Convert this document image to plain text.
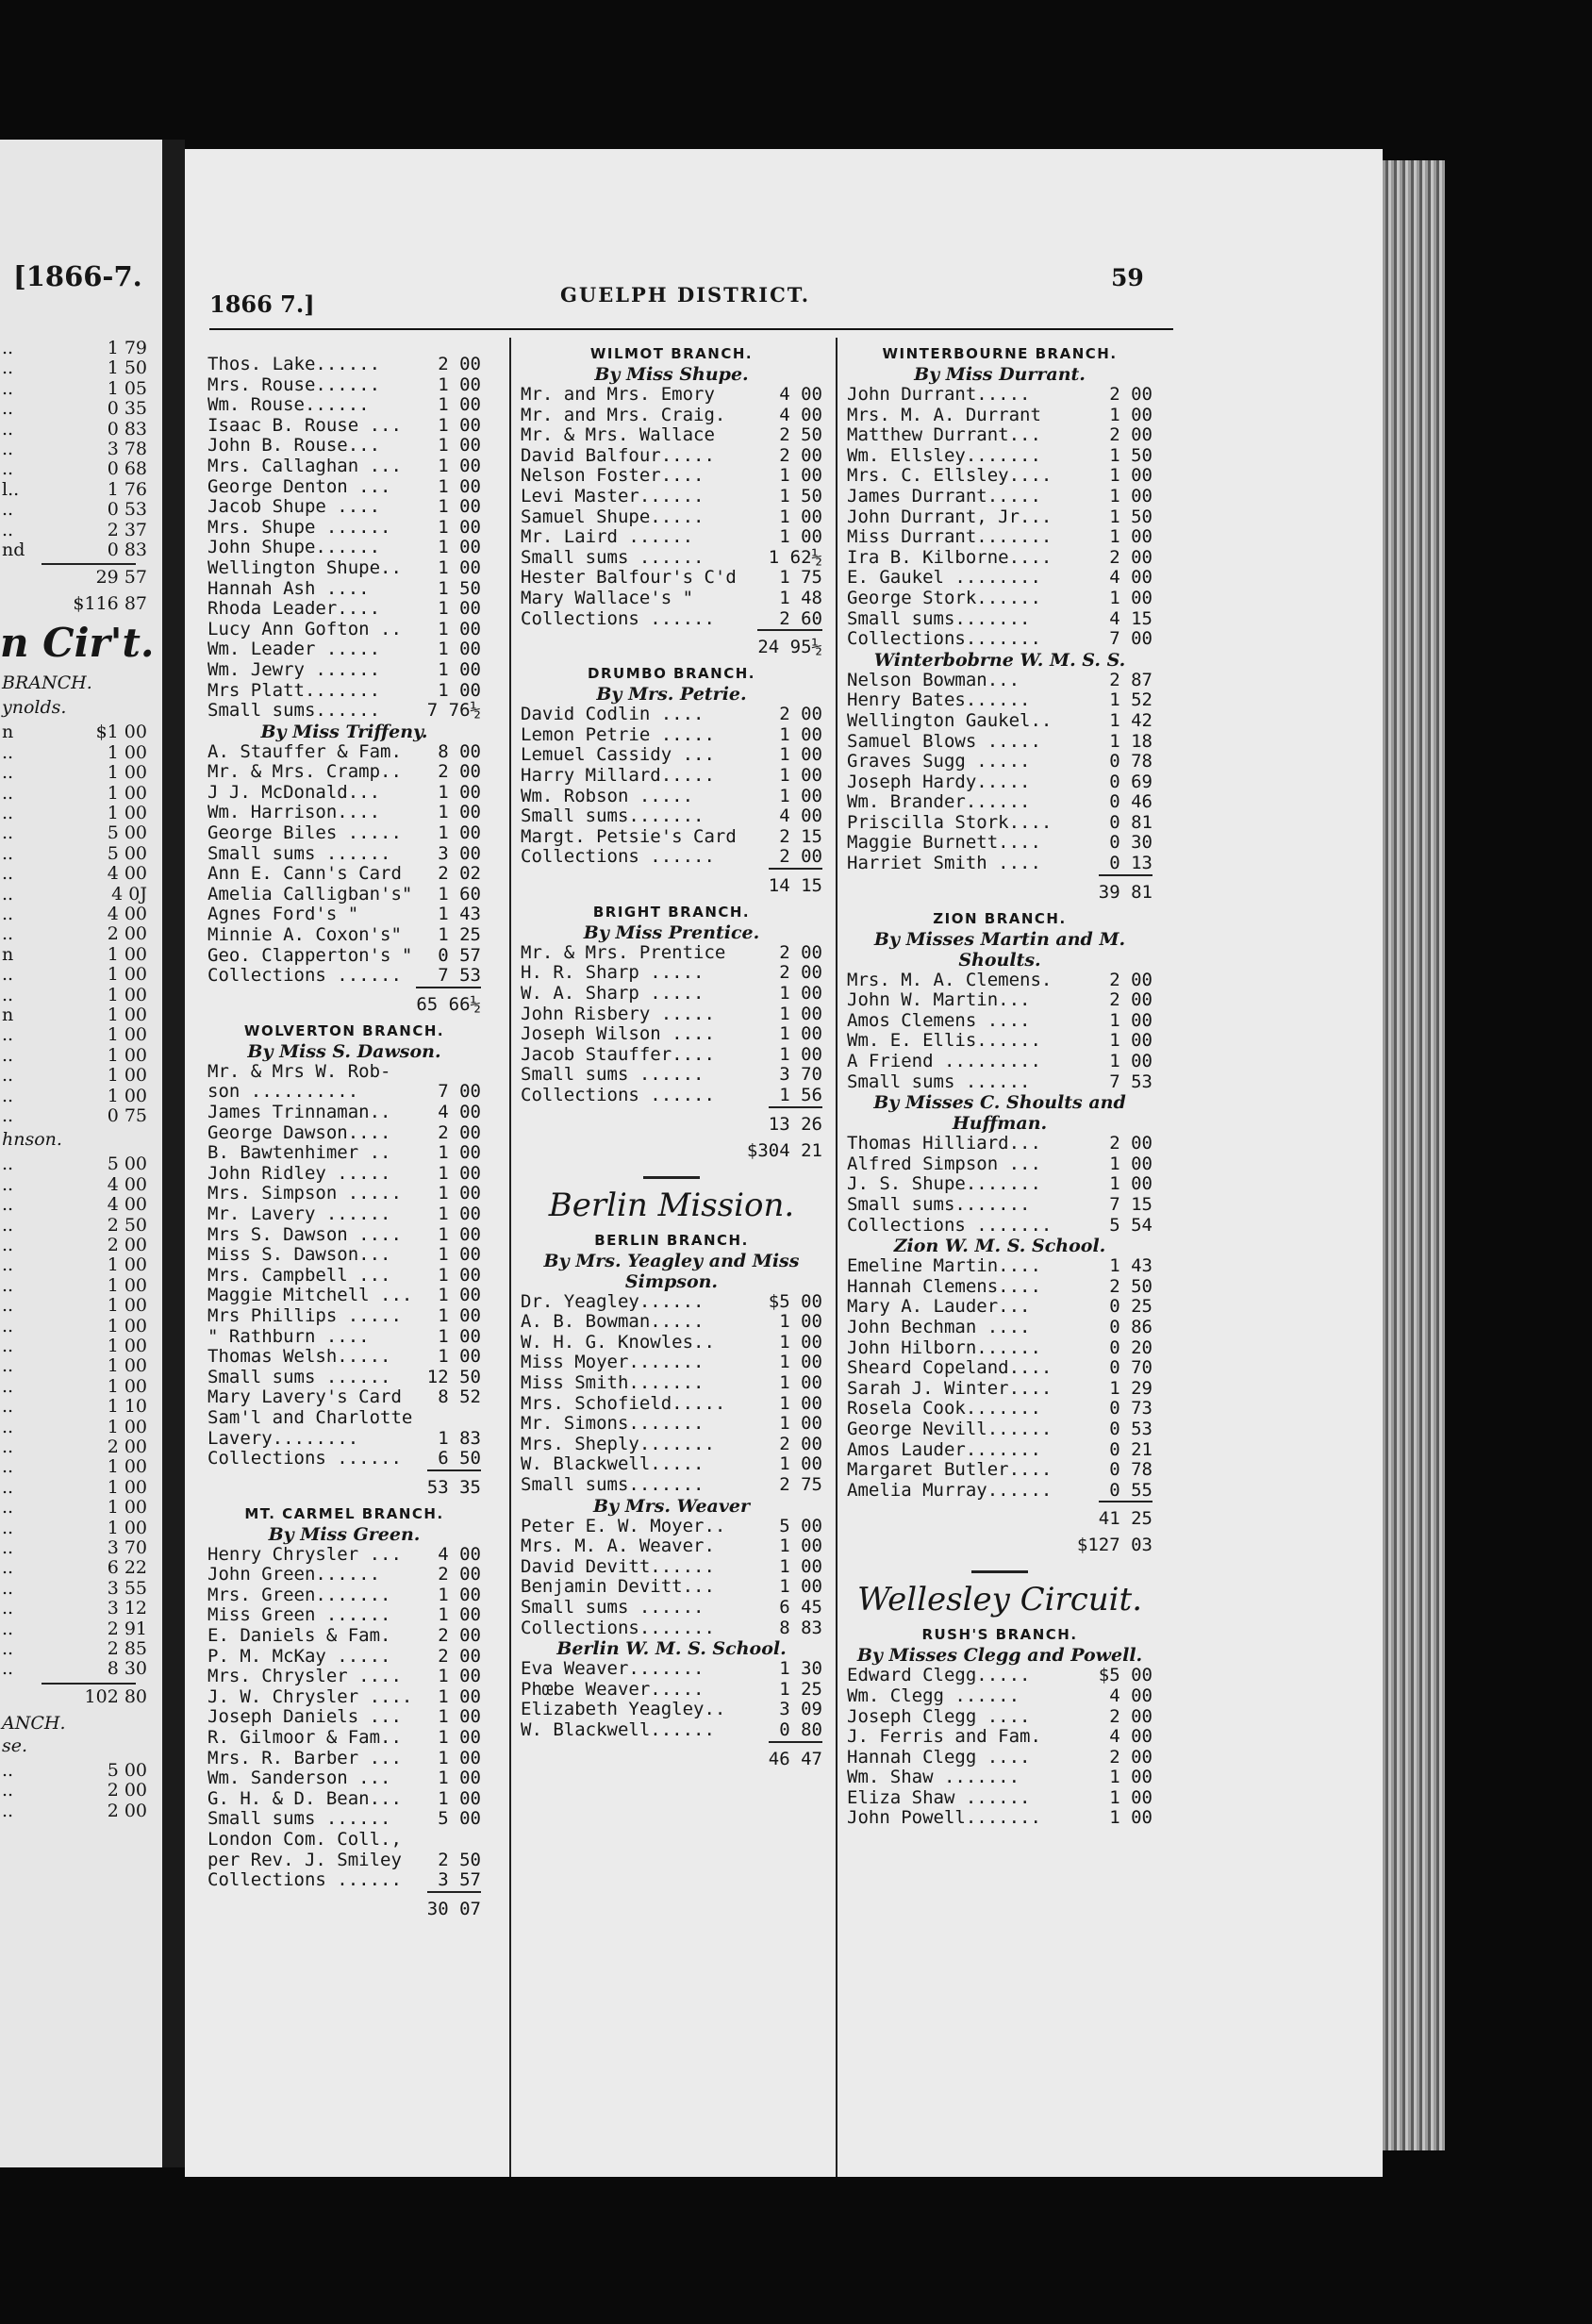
[1866-7.
..	1 79
..	1 50
..	1 05
..	0 35
..	0 83
..	3 78
..	0 68
l..	1 76
..	0 53
..	2 37
nd	0 83
29 57
$116 87
n Cir't.
BRANCH.
ynolds.
n	$1 00
..	1 00
..	1 00
..	1 00
..	1 00
..	5 00
..	5 00
..	4 00
..	4 0J
..	4 00
..	2 00
n	1 00
..	1 00
..	1 00
n	1 00
..	1 00
..	1 00
..	1 00
..	1 00
..	0 75
hnson.
..	5 00
..	4 00
..	4 00
..	2 50
..	2 00
..	1 00
..	1 00
..	1 00
..	1 00
..	1 00
..	1 00
..	1 00
..	1 10
..	1 00
..	2 00
..	1 00
..	1 00
..	1 00
..	1 00
..	3 70
..	6 22
..	3 55
..	3 12
..	2 91
..	2 85
..	8 30
102 80
ANCH.
se.
..	5 00
..	2 00
..	2 00
1866 7.]	GUELPH DISTRICT.
59
Thos. Lake......	2 00
Mrs. Rouse......	1 00
Wm. Rouse......	1 00
Isaac B. Rouse ... 1 00
John B. Rouse...	1 00
Mrs. Callaghan ... 1 00
George Denton ...	1 00
Jacob Shupe ....	1 00
Mrs. Shupe ......	1 00
John Shupe......	1 00
Wellington Shupe.. 1 00
Hannah Ash ....	1 50
Rhoda Leader....	1 00
Lucy Ann Gofton .. 1 00
Wm. Leader .....	1 00
Wm. Jewry ......	1 00
Mrs Platt.......	1 00
Small sums......	7 76½
By Miss Triffeny.
A. Stauffer & Fam. 8 00
Mr. & Mrs. Cramp.. 2 00
J J. McDonald...	1 00
Wm. Harrison....	1 00
George Biles ..... 1 00
Small sums ......	3 00
Ann E. Cann's Card 2 02
Amelia Calligban's" 1 60
Agnes Ford's "	1 43
Minnie A. Coxon's" 1 25
Geo. Clapperton's " 0 57
Collections ...... 7 53
65 66½
WOLVERTON BRANCH.
By Miss S. Dawson.
Mr. & Mrs W. Rob-
son ..........	7 00
James Trinnaman..	4 00
George Dawson....	2 00
B. Bawtenhimer ..	1 00
John Ridley .....	1 00
Mrs. Simpson ..... 1 00
Mr. Lavery ......	1 00
Mrs S. Dawson .... 1 00
Miss S. Dawson...	1 00
Mrs. Campbell ...	1 00
Maggie Mitchell ... 1 00
Mrs Phillips ..... 1 00
" Rathburn ....	1 00
Thomas Welsh.....	1 00
Small sums ...... 12 50
Mary Lavery's Card 8 52
Sam'l and Charlotte
Lavery........	1 83
Collections ...... 6 50
53 35
MT. CARMEL BRANCH.
By Miss Green.
Henry Chrysler ... 4 00
John Green......	2 00
Mrs. Green.......	1 00
Miss Green ......	1 00
E. Daniels & Fam.	2 00
P. M. McKay .....	2 00
Mrs. Chrysler .... 1 00
J. W. Chrysler .... 1 00
Joseph Daniels ... 1 00
R. Gilmoor & Fam.. 1 00
Mrs. R. Barber ... 1 00
Wm. Sanderson ...	1 00
G. H. & D. Bean... 1 00
Small sums ......	5 00
London Com. Coll.,
per Rev. J. Smiley 2 50
Collections ...... 3 57
30 07
WILMOT BRANCH.
By Miss Shupe.
Mr. and Mrs. Emory	4 00
Mr. and Mrs. Craig.	4 00
Mr. & Mrs. Wallace	2 50
David Balfour.....	2 00
Nelson Foster....	1 00
Levi Master......	1 50
Samuel Shupe.....	1 00
Mr. Laird ......	1 00
Small sums ......	1 62½
Hester Balfour's C'd 1 75
Mary Wallace's "	1 48
Collections ......	2 60
24 95½
DRUMBO BRANCH.
By Mrs. Petrie.
David Codlin ....	2 00
Lemon Petrie .....	1 00
Lemuel Cassidy ...	1 00
Harry Millard.....	1 00
Wm. Robson .....	1 00
Small sums.......	4 00
Margt. Petsie's Card 2 15
Collections ......	2 00
14 15
BRIGHT BRANCH.
By Miss Prentice.
Mr. & Mrs. Prentice	2 00
H. R. Sharp .....	2 00
W. A. Sharp .....	1 00
John Risbery .....	1 00
Joseph Wilson ....	1 00
Jacob Stauffer....	1 00
Small sums ......	3 70
Collections ......	1 56
13 26
$304 21
Berlin Mission.
BERLIN BRANCH.
By Mrs. Yeagley and Miss Simpson.
Dr. Yeagley......	$5 00
A. B. Bowman.....	1 00
W. H. G. Knowles..	1 00
Miss Moyer.......	1 00
Miss Smith.......	1 00
Mrs. Schofield.....	1 00
Mr. Simons.......	1 00
Mrs. Sheply.......	2 00
W. Blackwell.....	1 00
Small sums.......	2 75
By Mrs. Weaver
Peter E. W. Moyer..	5 00
Mrs. M. A. Weaver.	1 00
David Devitt......	1 00
Benjamin Devitt...	1 00
Small sums ......	6 45
Collections.......	8 83
Berlin W. M. S. School.
Eva Weaver.......	1 30
Phœbe Weaver.....	1 25
Elizabeth Yeagley..	3 09
W. Blackwell......	0 80
46 47
WINTERBOURNE BRANCH.
By Miss Durrant.
John Durrant.....	2 00
Mrs. M. A. Durrant	1 00
Matthew Durrant...	2 00
Wm. Ellsley.......	1 50
Mrs. C. Ellsley....	1 00
James Durrant.....	1 00
John Durrant, Jr...	1 50
Miss Durrant.......	1 00
Ira B. Kilborne....	2 00
E. Gaukel ........	4 00
George Stork......	1 00
Small sums.......	4 15
Collections.......	7 00
Winterbobrne W. M. S. S.
Nelson Bowman...	2 87
Henry Bates......	1 52
Wellington Gaukel..	1 42
Samuel Blows .....	1 18
Graves Sugg .....	0 78
Joseph Hardy.....	0 69
Wm. Brander......	0 46
Priscilla Stork....	0 81
Maggie Burnett....	0 30
Harriet Smith ....	0 13
39 81
ZION BRANCH.
By Misses Martin and M. Shoults.
Mrs. M. A. Clemens.	2 00
John W. Martin...	2 00
Amos Clemens ....	1 00
Wm. E. Ellis......	1 00
A Friend .........	1 00
Small sums ......	7 53
By Misses C. Shoults and Huffman.
Thomas Hilliard...	2 00
Alfred Simpson ...	1 00
J. S. Shupe.......	1 00
Small sums.......	7 15
Collections .......	5 54
Zion W. M. S. School.
Emeline Martin....	1 43
Hannah Clemens....	2 50
Mary A. Lauder...	0 25
John Bechman ....	0 86
John Hilborn......	0 20
Sheard Copeland....	0 70
Sarah J. Winter....	1 29
Rosela Cook.......	0 73
George Nevill......	0 53
Amos Lauder.......	0 21
Margaret Butler....	0 78
Amelia Murray......	0 55
41 25
$127 03
Wellesley Circuit.
RUSH'S BRANCH.
By Misses Clegg and Powell.
Edward Clegg.....	$5 00
Wm. Clegg ......	4 00
Joseph Clegg ....	2 00
J. Ferris and Fam.	4 00
Hannah Clegg ....	2 00
Wm. Shaw .......	1 00
Eliza Shaw ......	1 00
John Powell.......	1 00
